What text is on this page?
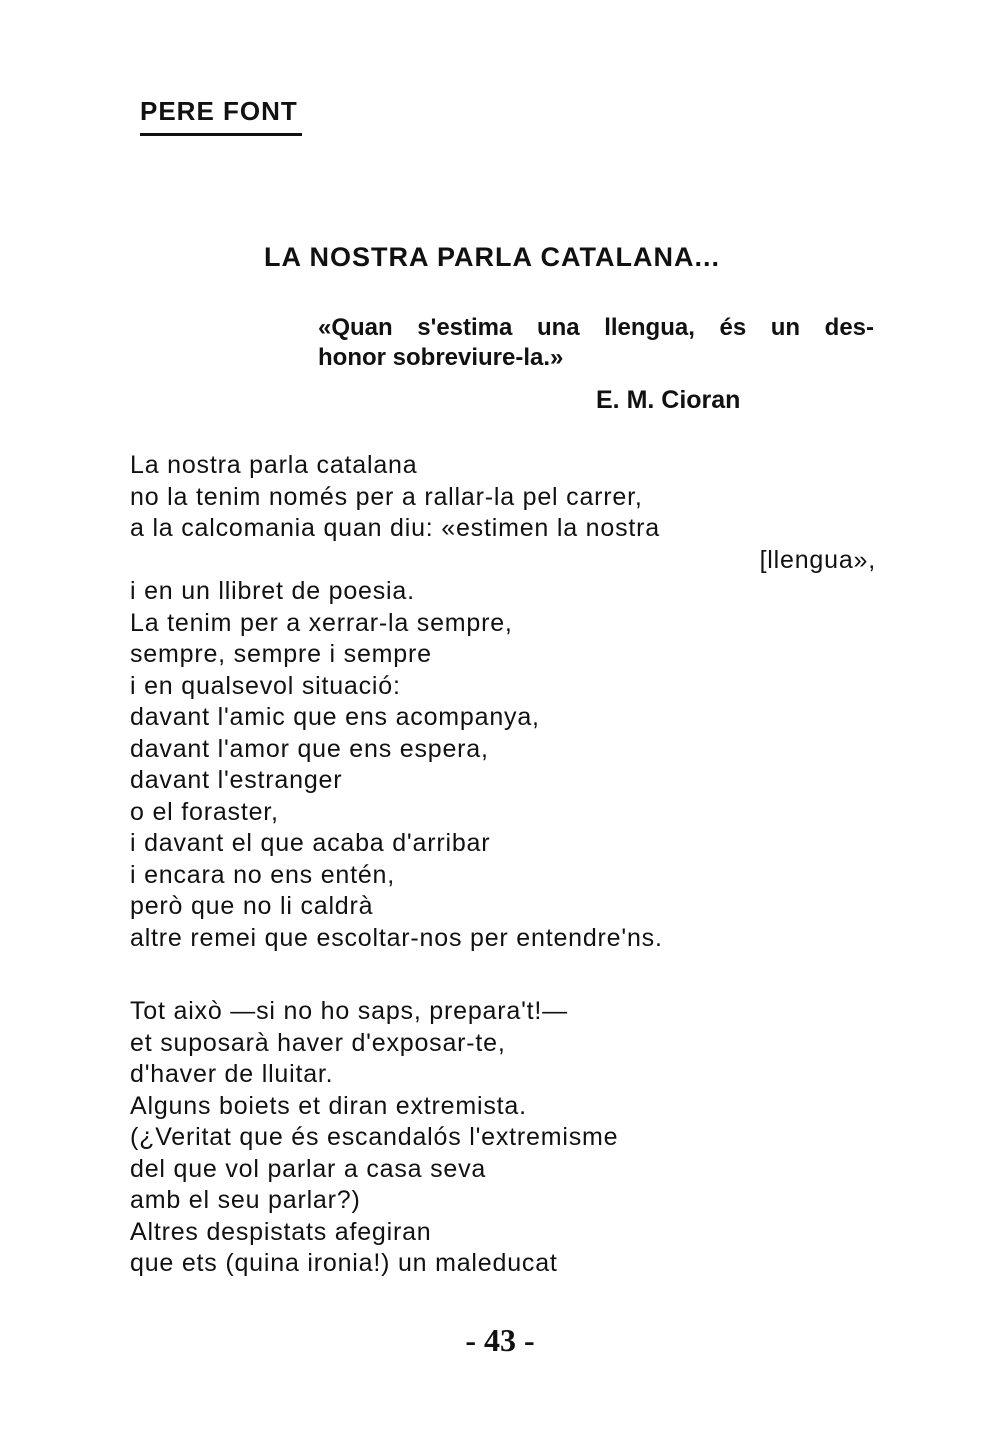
PERE FONT
LA NOSTRA PARLA CATALANA...
«Quan s'estima una llengua, és un des-
honor sobreviure-la.»
E. M. Cioran
La nostra parla catalana
no la tenim només per a rallar-la pel carrer,
a la calcomania quan diu: «estimen la nostra
[llengua»,
i en un llibret de poesia.
La tenim per a xerrar-la sempre,
sempre, sempre i sempre
i en qualsevol situació:
davant l'amic que ens acompanya,
davant l'amor que ens espera,
davant l'estranger
o el foraster,
i davant el que acaba d'arribar
i encara no ens entén,
però que no li caldrà
altre remei que escoltar-nos per entendre'ns.
Tot això —si no ho saps, prepara't!—
et suposarà haver d'exposar-te,
d'haver de lluitar.
Alguns boiets et diran extremista.
(¿Veritat que és escandalós l'extremisme
del que vol parlar a casa seva
amb el seu parlar?)
Altres despistats afegiran
que ets (quina ironia!) un maleducat
- 43 -
